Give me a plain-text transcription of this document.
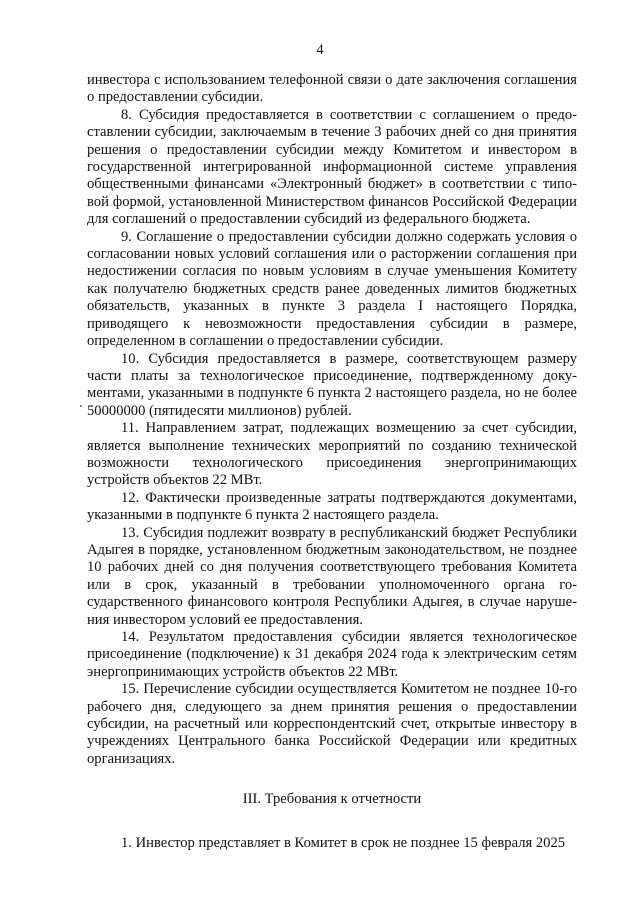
4

инвестора с использованием телефонной связи о дате заключения соглашения о предоставлении субсидии.

8. Субсидия предоставляется в соответствии с соглашением о предоставлении субсидии, заключаемым в течение 3 рабочих дней со дня принятия решения о предоставлении субсидии между Комитетом и инвестором в государственной интегрированной информационной системе управления общественными финансами «Электронный бюджет» в соответствии с типовой формой, установленной Министерством финансов Российской Федерации для соглашений о предоставлении субсидий из федерального бюджета.

9. Соглашение о предоставлении субсидии должно содержать условия о согласовании новых условий соглашения или о расторжении соглашения при недостижении согласия по новым условиям в случае уменьшения Комитету как получателю бюджетных средств ранее доведенных лимитов бюджетных обязательств, указанных в пункте 3 раздела I настоящего Порядка, приводящего к невозможности предоставления субсидии в размере, определенном в соглашении о предоставлении субсидии.

10. Субсидия предоставляется в размере, соответствующем размеру части платы за технологическое присоединение, подтвержденному документами, указанными в подпункте 6 пункта 2 настоящего раздела, но не более 50000000 (пятидесяти миллионов) рублей.

11. Направлением затрат, подлежащих возмещению за счет субсидии, является выполнение технических мероприятий по созданию технической возможности технологического присоединения энергопринимающих устройств объектов 22 МВт.

12. Фактически произведенные затраты подтверждаются документами, указанными в подпункте 6 пункта 2 настоящего раздела.

13. Субсидия подлежит возврату в республиканский бюджет Республики Адыгея в порядке, установленном бюджетным законодательством, не позднее 10 рабочих дней со дня получения соответствующего требования Комитета или в срок, указанный в требовании уполномоченного органа государственного финансового контроля Республики Адыгея, в случае нарушения инвестором условий ее предоставления.

14. Результатом предоставления субсидии является технологическое присоединение (подключение) к 31 декабря 2024 года к электрическим сетям энергопринимающих устройств объектов 22 МВт.

15. Перечисление субсидии осуществляется Комитетом не позднее 10-го рабочего дня, следующего за днем принятия решения о предоставлении субсидии, на расчетный или корреспондентский счет, открытые инвестору в учреждениях Центрального банка Российской Федерации или кредитных организациях.

III. Требования к отчетности

1. Инвестор представляет в Комитет в срок не позднее 15 февраля 2025
